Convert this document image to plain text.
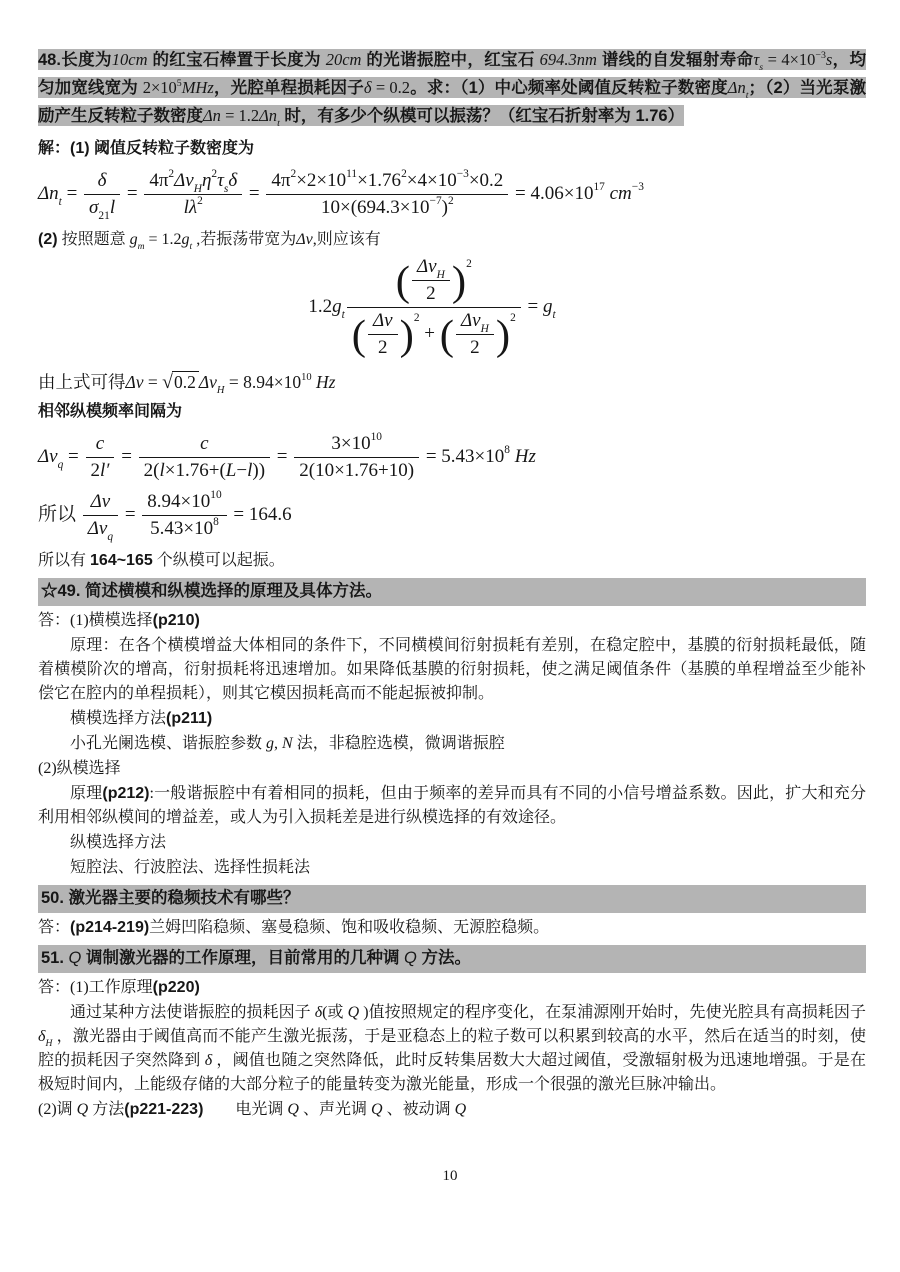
48.长度为10cm 的红宝石棒置于长度为 20cm 的光谐振腔中，红宝石 694.3nm 谱线的自发辐射寿命$\tau_s = 4\times 10^{-3}s$，均匀加宽线宽为 $2\times 10^5MHz$，光腔单程损耗因子δ = 0.2。求：（1）中心频率处阈值反转粒子数密度$\Delta n_t$；（2）当光泵激励产生反转粒子数密度$\Delta n = 1.2\Delta n_t$ 时，有多少个纵模可以振荡？（红宝石折射率为 1.76）

解：(1) 阈值反转粒子数密度为

$\Delta n_t = \frac{\delta}{\sigma_{21}l} = \frac{4\pi^2\Delta\nu_H\eta^2\tau_s\delta}{l\lambda^2} = \frac{4\pi^2\times 2\times 10^{11}\times 1.76^2\times 4\times 10^{-3}\times 0.2}{10\times(694.3\times 10^{-7})^2} = 4.06\times 10^{17}$ $cm^{-3}$

(2) 按照题意 $g_m = 1.2g_t$ ,若振荡带宽为Δν,则应该有

$1.2g_t \frac{( \frac{\Delta\nu_H}{2} )^2}{( \frac{\Delta\nu}{2} )^2 + ( \frac{\Delta\nu_H}{2} )^2} = g_t$

由上式可得Δν = √0.2 $\Delta\nu_H = 8.94\times 10^{10}$ Hz

相邻纵模频率间隔为

$\Delta\nu_q = \frac{c}{2l'} = \frac{c}{2(l\times 1.76+(L-l))} = \frac{3\times 10^{10}}{2(10\times 1.76+10)} = 5.43\times 10^8$ Hz
所以 $\frac{\Delta\nu}{\Delta\nu_q} = \frac{8.94\times 10^{10}}{5.43\times 10^8} = 164.6$

所以有 164~165 个纵模可以起振。

☆49. 简述横模和纵模选择的原理及具体方法。

答：(1)横模选择(p210)

原理：在各个横模增益大体相同的条件下，不同横模间衍射损耗有差别，在稳定腔中，基膜的衍射损耗最低，随着横模阶次的增高，衍射损耗将迅速增加。如果降低基膜的衍射损耗，使之满足阈值条件（基膜的单程增益至少能补偿它在腔内的单程损耗），则其它模因损耗高而不能起振被抑制。

横模选择方法(p211)

小孔光阑选模、谐振腔参数 g, N 法，非稳腔选模，微调谐振腔

(2)纵模选择

原理(p212):一般谐振腔中有着相同的损耗，但由于频率的差异而具有不同的小信号增益系数。因此，扩大和充分利用相邻纵模间的增益差，或人为引入损耗差是进行纵模选择的有效途径。

纵模选择方法

短腔法、行波腔法、选择性损耗法

50. 激光器主要的稳频技术有哪些？

答：(p214-219)兰姆凹陷稳频、塞曼稳频、饱和吸收稳频、无源腔稳频。

51. Q 调制激光器的工作原理，目前常用的几种调 Q 方法。

答：(1)工作原理(p220)

通过某种方法使谐振腔的损耗因子 δ(或 Q )值按照规定的程序变化，在泵浦源刚开始时，先使光腔具有高损耗因子 $\delta_H$ ，激光器由于阈值高而不能产生激光振荡，于是亚稳态上的粒子数可以积累到较高的水平，然后在适当的时刻，使腔的损耗因子突然降到 δ ，阈值也随之突然降低，此时反转集居数大大超过阈值，受激辐射极为迅速地增强。于是在极短时间内，上能级存储的大部分粒子的能量转变为激光能量，形成一个很强的激光巨脉冲输出。

(2)调 Q 方法(p221-223)　　电光调 Q 、声光调 Q 、被动调 Q

10
